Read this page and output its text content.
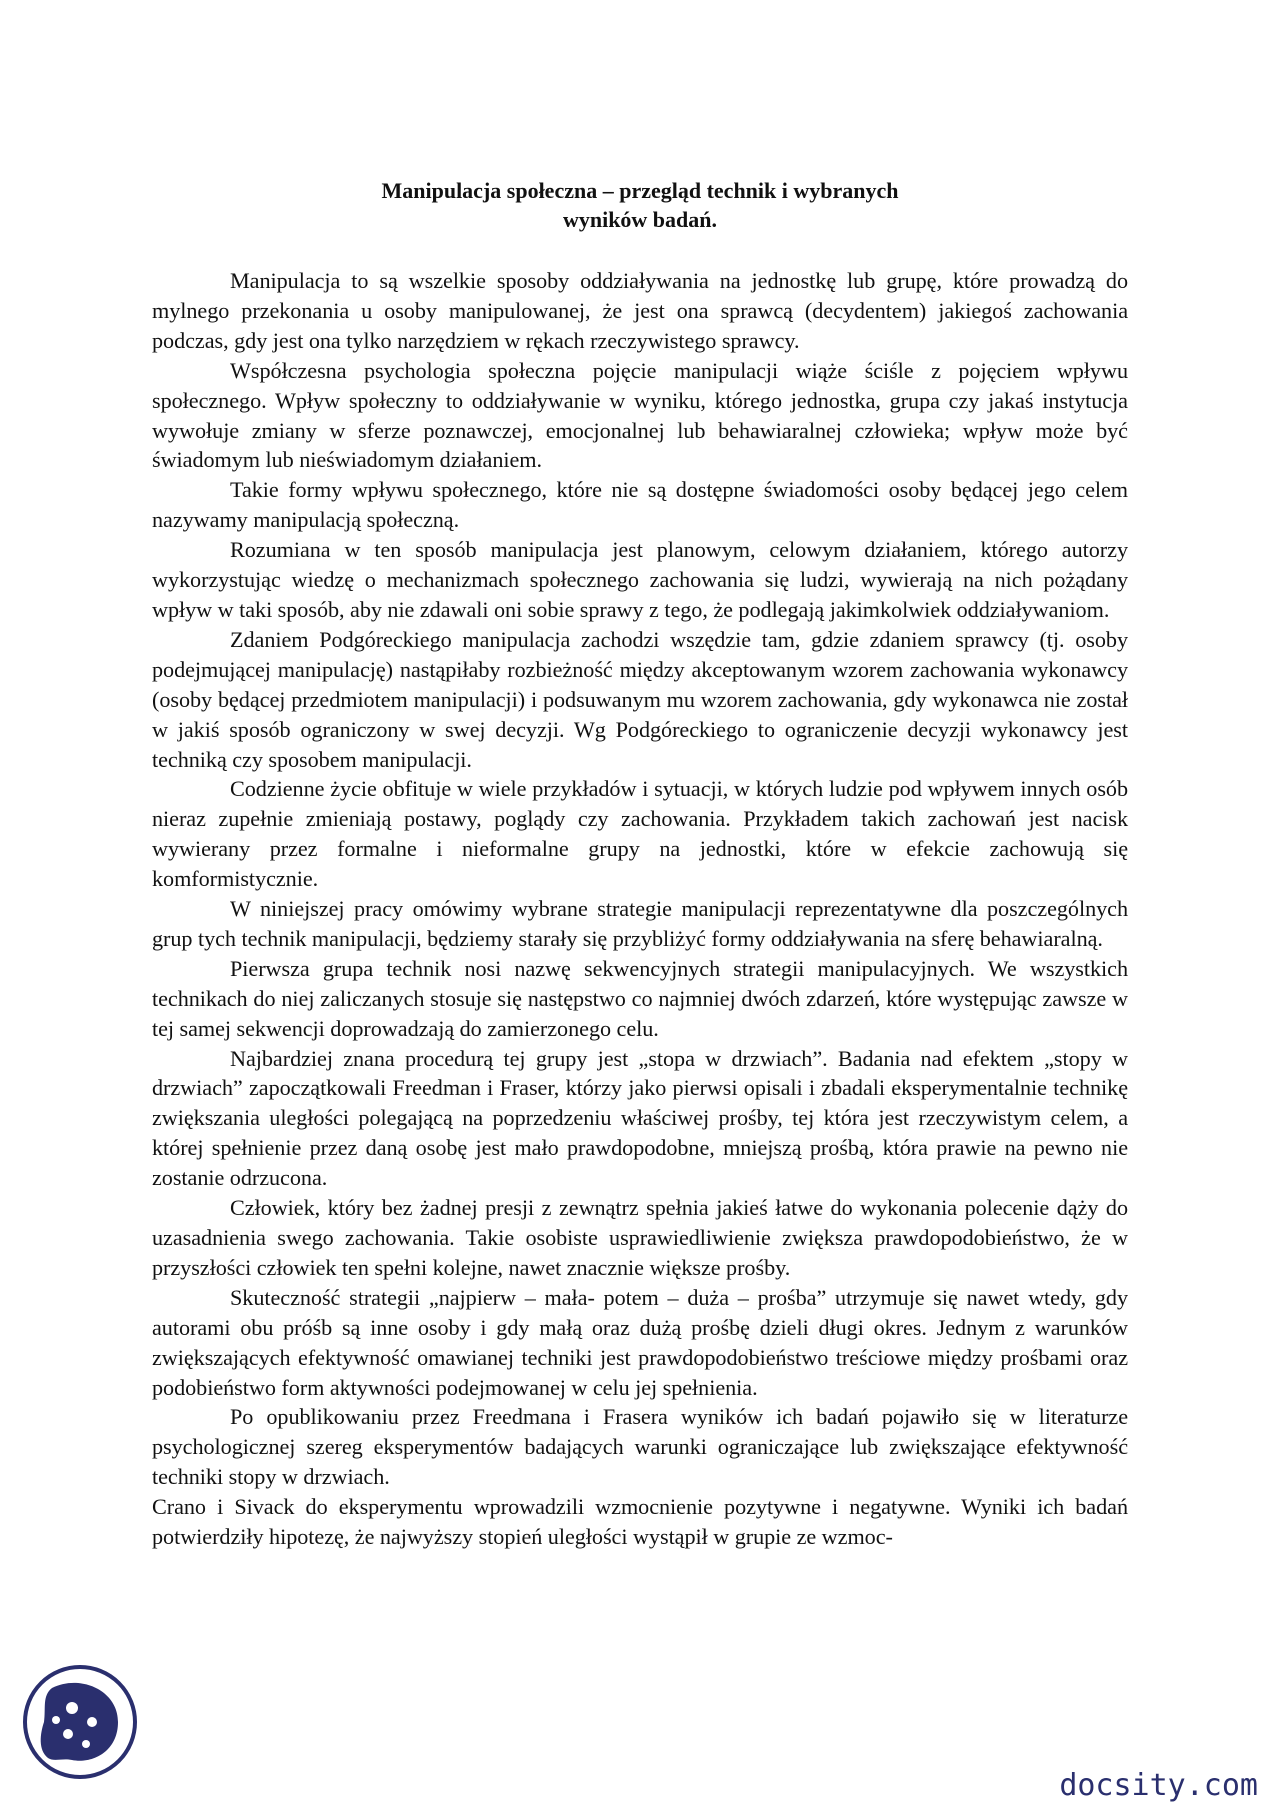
Manipulacja społeczna – przegląd technik i wybranych
wyników badań.

Manipulacja to są wszelkie sposoby oddziaływania na jednostkę lub grupę, które prowadzą do mylnego przekonania u osoby manipulowanej, że jest ona sprawcą (decydentem) jakiegoś zachowania podczas, gdy jest ona tylko narzędziem w rękach rzeczywistego sprawcy.

Współczesna psychologia społeczna pojęcie manipulacji wiąże ściśle z pojęciem wpływu społecznego. Wpływ społeczny to oddziaływanie w wyniku, którego jednostka, grupa czy jakaś instytucja wywołuje zmiany w sferze poznawczej, emocjonalnej lub behawiaralnej człowieka; wpływ może być świadomym lub nieświadomym działaniem.

Takie formy wpływu społecznego, które nie są dostępne świadomości osoby będącej jego celem nazywamy manipulacją społeczną.

Rozumiana w ten sposób manipulacja jest planowym, celowym działaniem, którego autorzy wykorzystując wiedzę o mechanizmach społecznego zachowania się ludzi, wywierają na nich pożądany wpływ w taki sposób, aby nie zdawali oni sobie sprawy z tego, że podlegają jakimkolwiek oddziaływaniom.

Zdaniem Podgóreckiego manipulacja zachodzi wszędzie tam, gdzie zdaniem sprawcy (tj. osoby podejmującej manipulację) nastąpiłaby rozbieżność między akceptowanym wzorem zachowania wykonawcy (osoby będącej przedmiotem manipulacji) i podsuwanym mu wzorem zachowania, gdy wykonawca nie został w jakiś sposób ograniczony w swej decyzji. Wg Podgóreckiego to ograniczenie decyzji wykonawcy jest techniką czy sposobem manipulacji.

Codzienne życie obfituje w wiele przykładów i sytuacji, w których ludzie pod wpływem innych osób nieraz zupełnie zmieniają postawy, poglądy czy zachowania. Przykładem takich zachowań jest nacisk wywierany przez formalne i nieformalne grupy na jednostki, które w efekcie zachowują się komformistycznie.

W niniejszej pracy omówimy wybrane strategie manipulacji reprezentatywne dla poszczególnych grup tych technik manipulacji, będziemy starały się przybliżyć formy oddziaływania na sferę behawiaralną.

Pierwsza grupa technik nosi nazwę sekwencyjnych strategii manipulacyjnych. We wszystkich technikach do niej zaliczanych stosuje się następstwo co najmniej dwóch zdarzeń, które występując zawsze w tej samej sekwencji doprowadzają do zamierzonego celu.

Najbardziej znana procedurą tej grupy jest „stopa w drzwiach”. Badania nad efektem „stopy w drzwiach” zapoczątkowali Freedman i Fraser, którzy jako pierwsi opisali i zbadali eksperymentalnie technikę zwiększania uległości polegającą na poprzedzeniu właściwej prośby, tej która jest rzeczywistym celem, a której spełnienie przez daną osobę jest mało prawdopodobne, mniejszą prośbą, która prawie na pewno nie zostanie odrzucona.

Człowiek, który bez żadnej presji z zewnątrz spełnia jakieś łatwe do wykonania polecenie dąży do uzasadnienia swego zachowania. Takie osobiste usprawiedliwienie zwiększa prawdopodobieństwo, że w przyszłości człowiek ten spełni kolejne, nawet znacznie większe prośby.

Skuteczność strategii „najpierw – mała- potem – duża – prośba” utrzymuje się nawet wtedy, gdy autorami obu próśb są inne osoby i gdy małą oraz dużą prośbę dzieli długi okres. Jednym z warunków zwiększających efektywność omawianej techniki jest prawdopodobieństwo treściowe między prośbami oraz podobieństwo form aktywności podejmowanej w celu jej spełnienia.

Po opublikowaniu przez Freedmana i Frasera wyników ich badań pojawiło się w literaturze psychologicznej szereg eksperymentów badających warunki ograniczające lub zwiększające efektywność techniki stopy w drzwiach.

Crano i Sivack do eksperymentu wprowadzili wzmocnienie pozytywne i negatywne. Wyniki ich badań potwierdziły hipotezę, że najwyższy stopień uległości wystąpił w grupie ze wzmoc-

docsity.com
